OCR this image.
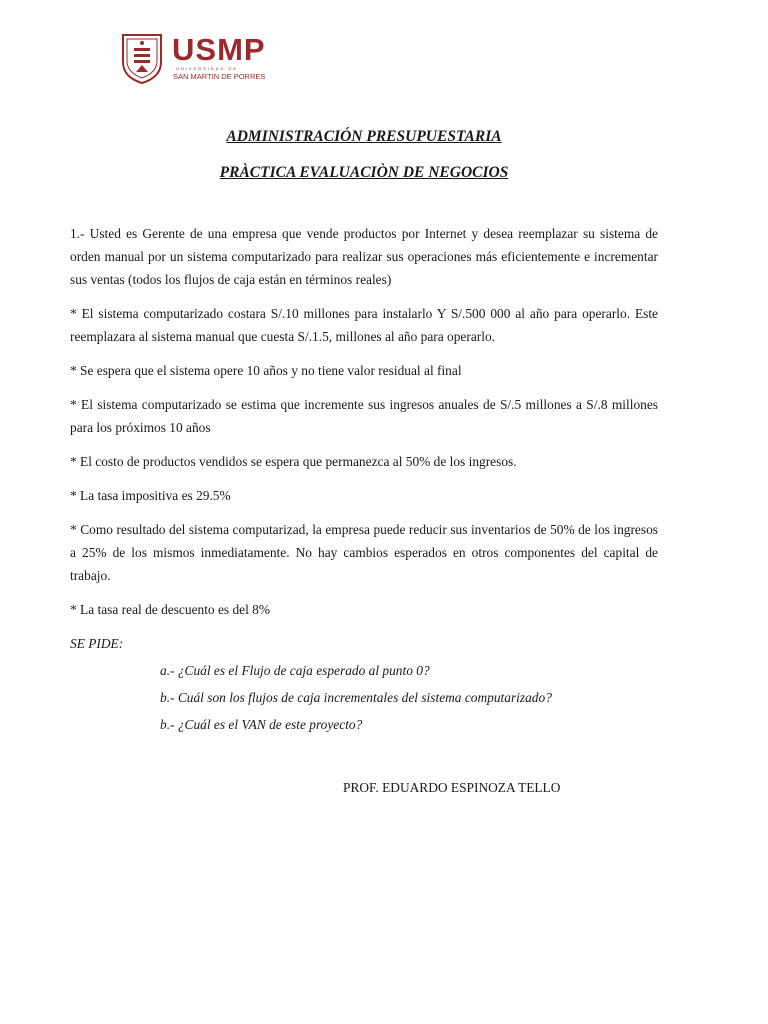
USMP
UNIVERSIDAD DE
SAN MARTIN DE PORRES
ADMINISTRACIÓN PRESUPUESTARIA
PRÀCTICA EVALUACIÒN DE NEGOCIOS

1.- Usted es Gerente de una empresa que vende productos por Internet y desea reemplazar su sistema de orden manual por un sistema computarizado para realizar sus operaciones más eficientemente e incrementar sus ventas (todos los flujos de caja están en términos reales)

* El sistema computarizado costara S/.10 millones para instalarlo Y S/.500 000 al año para operarlo. Este reemplazara al sistema manual que cuesta S/.1.5, millones al año para operarlo.

* Se espera que el sistema opere 10 años y no tiene valor residual al final

* El sistema computarizado se estima que incremente sus ingresos anuales de S/.5 millones a S/.8 millones para los próximos 10 años

* El costo de productos vendidos se espera que permanezca al 50% de los ingresos.

* La tasa impositiva es 29.5%

* Como resultado del sistema computarizad, la empresa puede reducir sus inventarios de 50% de los ingresos a 25% de los mismos inmediatamente. No hay cambios esperados en otros componentes del capital de trabajo.

* La tasa real de descuento es del 8%

SE PIDE:

a.- ¿Cuál es el Flujo de caja esperado al punto 0?

b.- Cuál son los flujos de caja incrementales del sistema computarizado?

b.- ¿Cuál es el VAN de este proyecto?

PROF. EDUARDO ESPINOZA TELLO
